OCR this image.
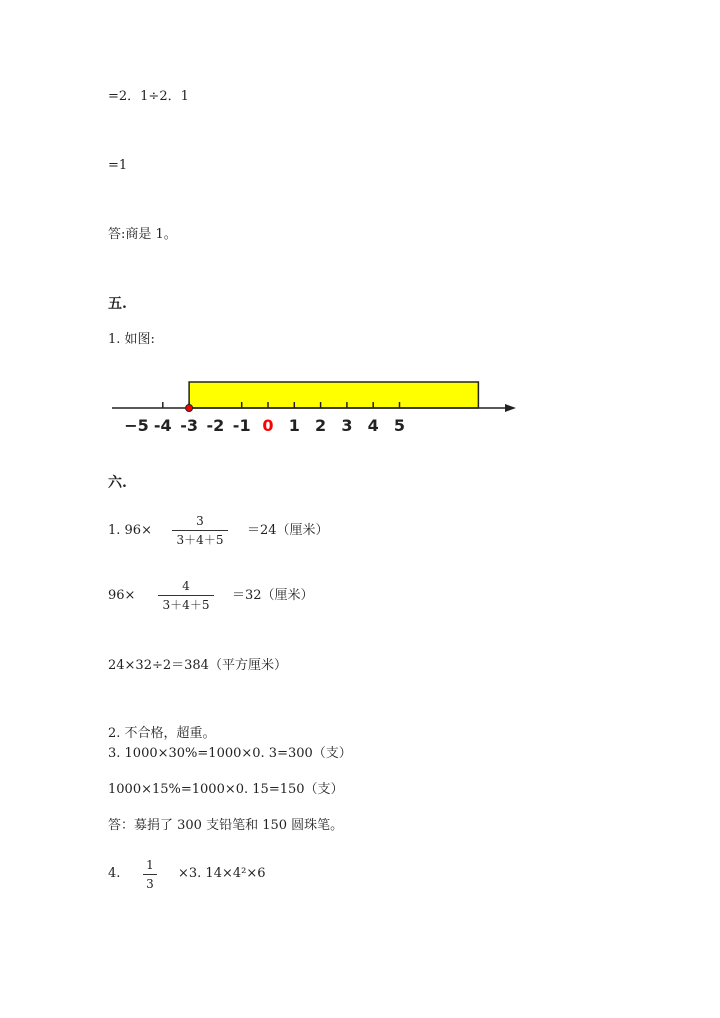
=2．1÷2．1
=1
答:商是 1。
五.
1. 如图:
−5 -4 -3 -2 -1 0 1 2 3 4 5
六.
1. 96×
3
3＋4＋5
＝24（厘米）
96×
4
3＋4＋5
＝32（厘米）
24×32÷2＝384（平方厘米）
2. 不合格，超重。
3. 1000×30%=1000×0. 3=300（支）
1000×15%=1000×0. 15=150（支）
答：募捐了 300 支铅笔和 150 圆珠笔。
4.
1
3
×3. 14×4²×6
